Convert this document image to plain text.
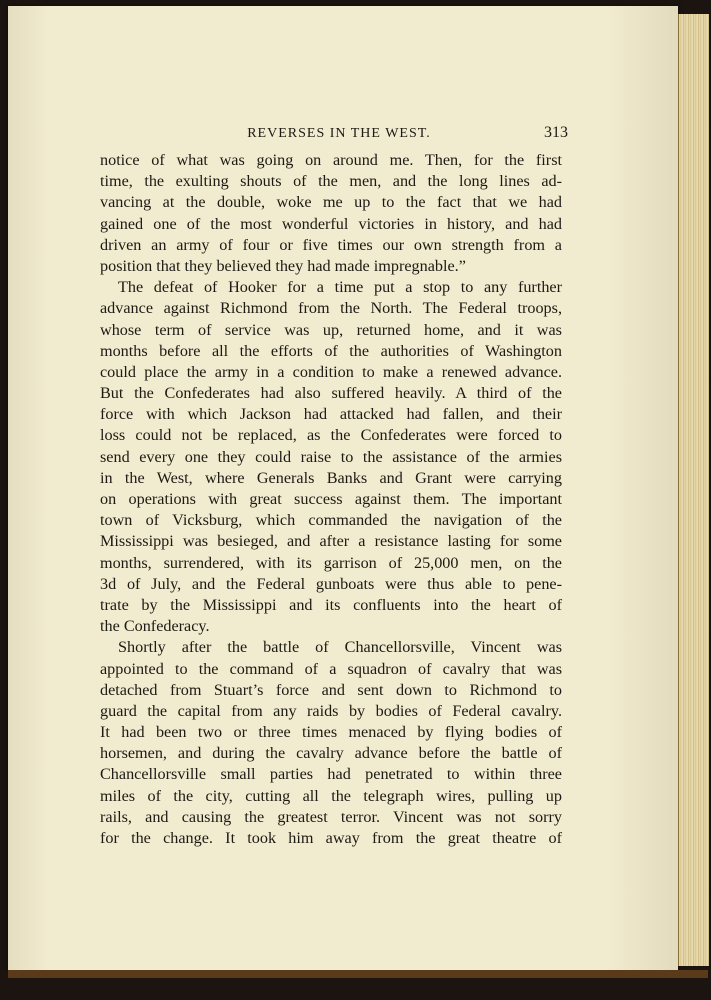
REVERSES IN THE WEST.	313
notice of what was going on around me. Then, for the first
time, the exulting shouts of the men, and the long lines ad-
vancing at the double, woke me up to the fact that we had
gained one of the most wonderful victories in history, and had
driven an army of four or five times our own strength from a
position that they believed they had made impregnable.”
The defeat of Hooker for a time put a stop to any further
advance against Richmond from the North. The Federal troops,
whose term of service was up, returned home, and it was
months before all the efforts of the authorities of Washington
could place the army in a condition to make a renewed advance.
But the Confederates had also suffered heavily. A third of the
force with which Jackson had attacked had fallen, and their
loss could not be replaced, as the Confederates were forced to
send every one they could raise to the assistance of the armies
in the West, where Generals Banks and Grant were carrying
on operations with great success against them. The important
town of Vicksburg, which commanded the navigation of the
Mississippi was besieged, and after a resistance lasting for some
months, surrendered, with its garrison of 25,000 men, on the
3d of July, and the Federal gunboats were thus able to pene-
trate by the Mississippi and its confluents into the heart of
the Confederacy.
Shortly after the battle of Chancellorsville, Vincent was
appointed to the command of a squadron of cavalry that was
detached from Stuart’s force and sent down to Richmond to
guard the capital from any raids by bodies of Federal cavalry.
It had been two or three times menaced by flying bodies of
horsemen, and during the cavalry advance before the battle of
Chancellorsville small parties had penetrated to within three
miles of the city, cutting all the telegraph wires, pulling up
rails, and causing the greatest terror. Vincent was not sorry
for the change. It took him away from the great theatre of
